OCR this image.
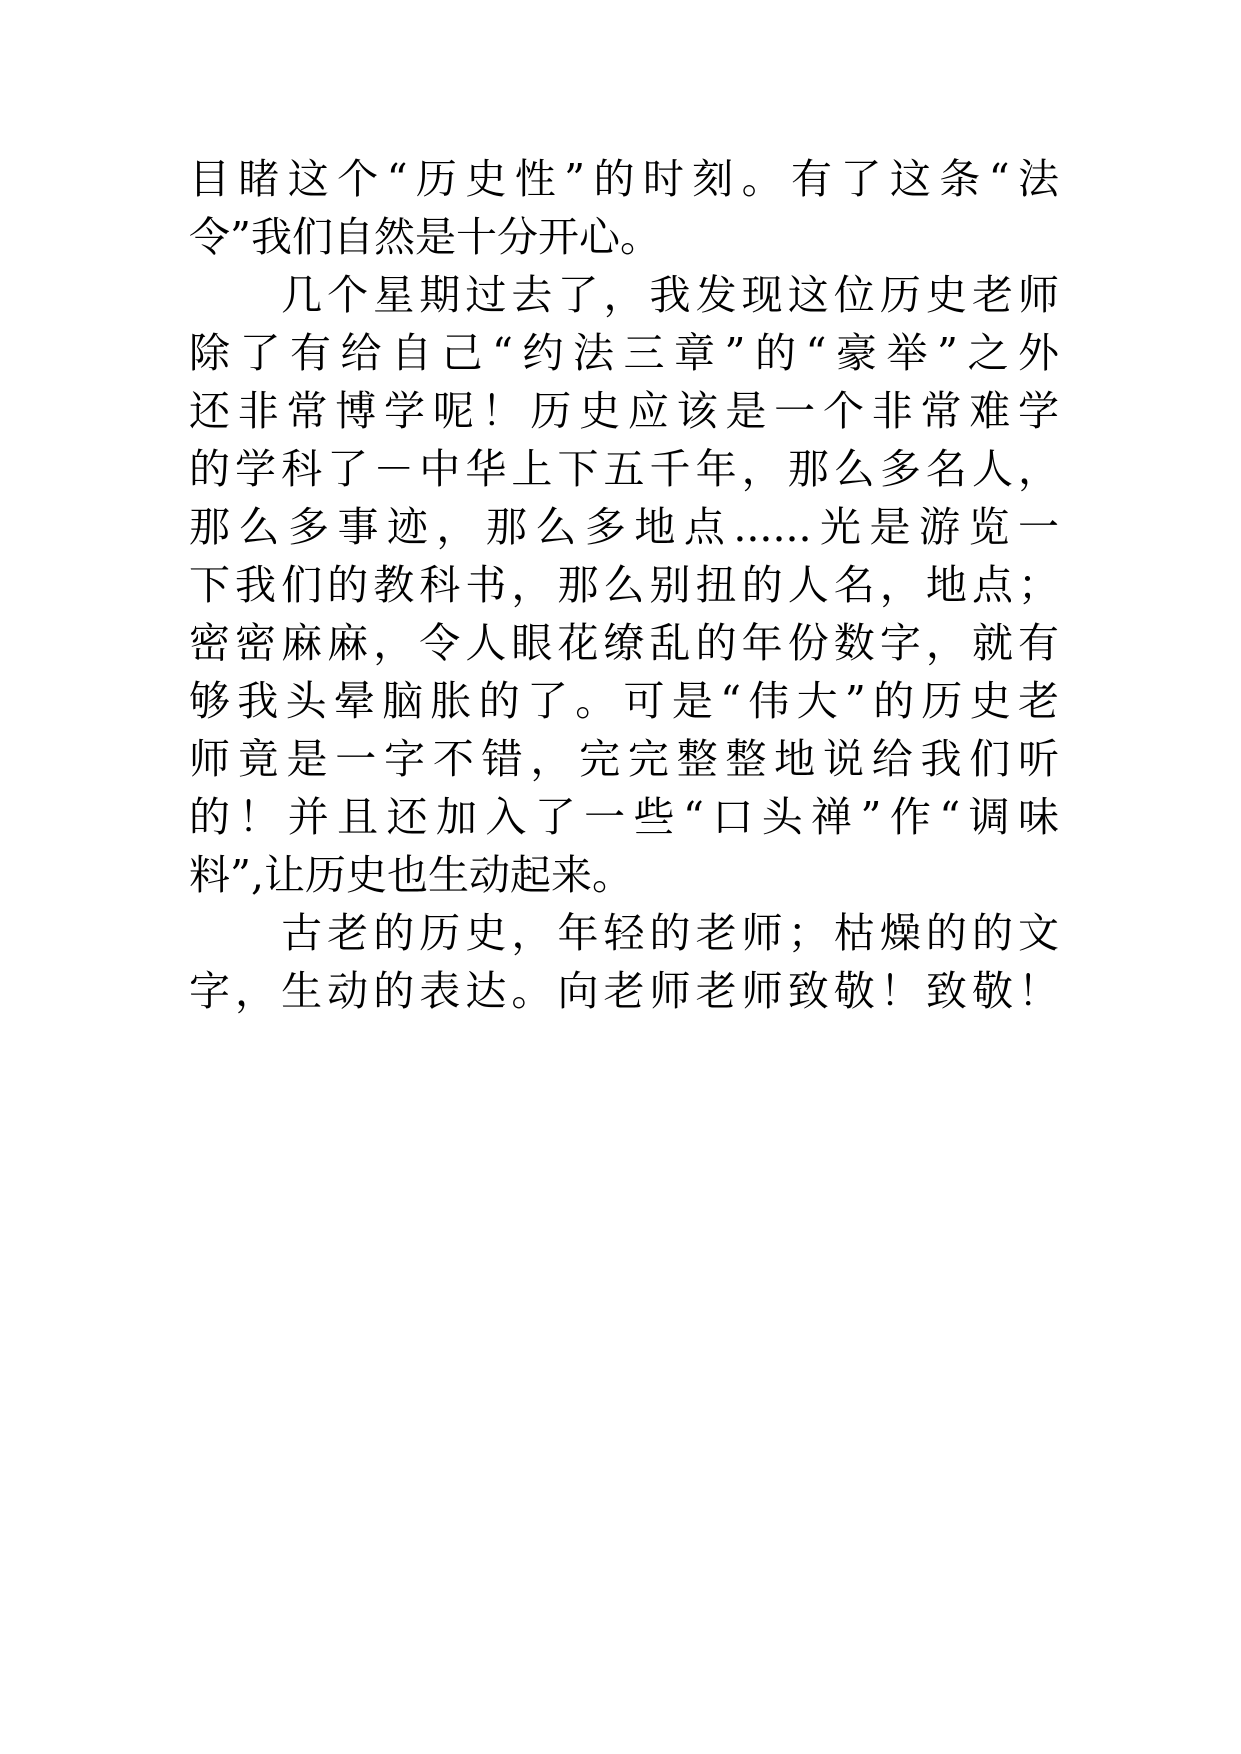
目睹这个“历史性”的时刻。有了这条“法
令”我们自然是十分开心。
　　几个星期过去了，我发现这位历史老师
除了有给自己“约法三章”的“豪举”之外
还非常博学呢！历史应该是一个非常难学
的学科了－中华上下五千年，那么多名人，
那么多事迹，那么多地点......光是游览一
下我们的教科书，那么别扭的人名，地点；
密密麻麻，令人眼花缭乱的年份数字，就有
够我头晕脑胀的了。可是“伟大”的历史老
师竟是一字不错，完完整整地说给我们听
的！并且还加入了一些“口头禅”作“调味
料”,让历史也生动起来。
　　古老的历史，年轻的老师；枯燥的的文
字，生动的表达。向老师老师致敬！致敬！
